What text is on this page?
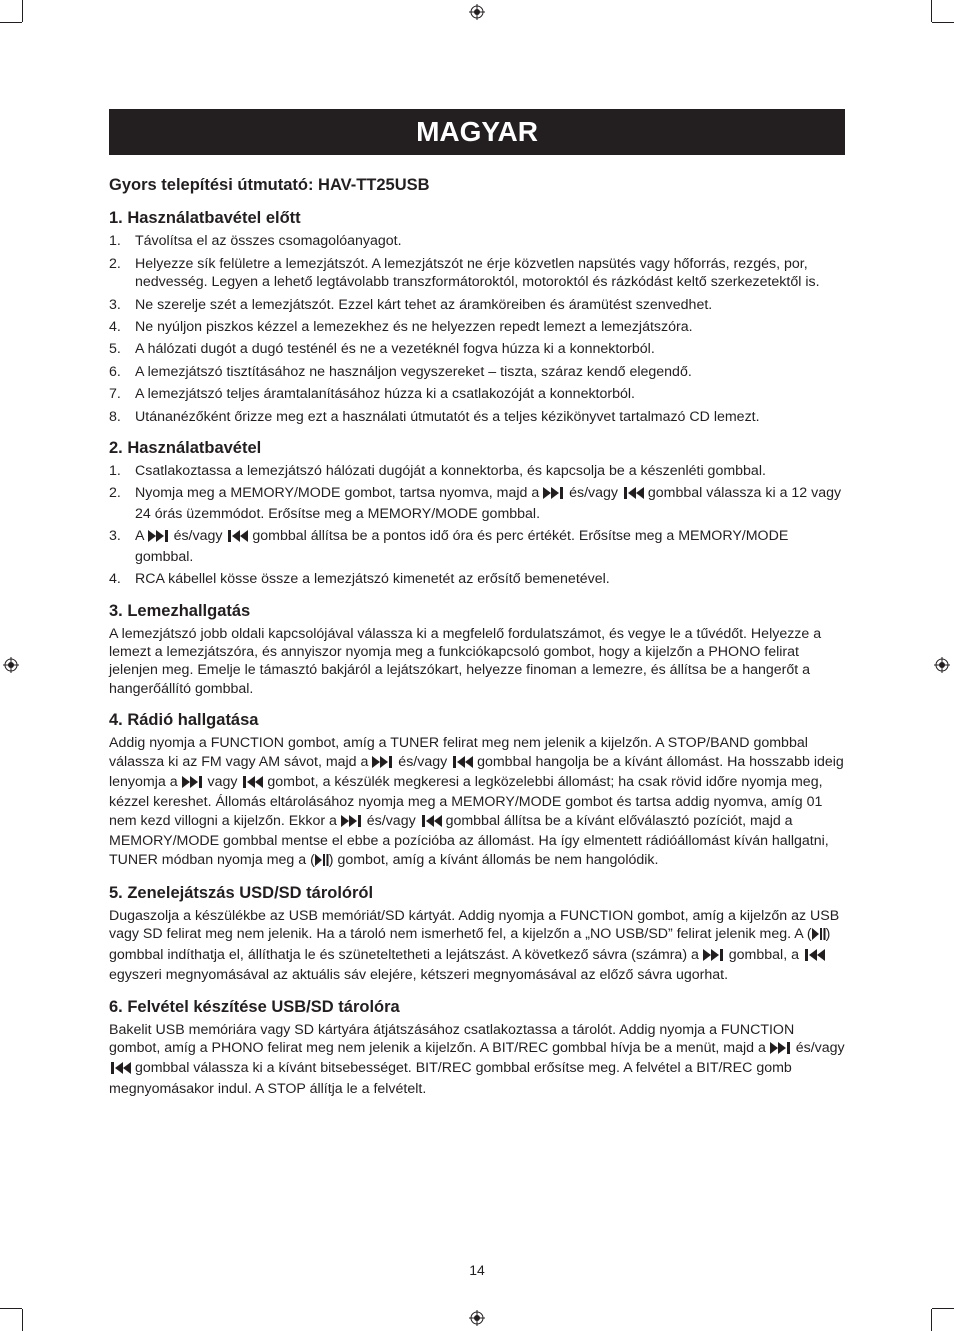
MAGYAR
Gyors telepítési útmutató: HAV-TT25USB
1. Használatbavétel előtt
1. Távolítsa el az összes csomagolóanyagot.
2. Helyezze sík felületre a lemezjátszót. A lemezjátszót ne érje közvetlen napsütés vagy hőforrás, rezgés, por, nedvesség. Legyen a lehető legtávolabb transzformátoroktól, motoroktól és rázkódást keltő szerkezetektől is.
3. Ne szerelje szét a lemezjátszót. Ezzel kárt tehet az áramköreiben és áramütést szenvedhet.
4. Ne nyúljon piszkos kézzel a lemezekhez és ne helyezzen repedt lemezt a lemezjátszóra.
5. A hálózati dugót a dugó testénél és ne a vezetéknél fogva húzza ki a konnektorból.
6. A lemezjátszó tisztításához ne használjon vegyszereket – tiszta, száraz kendő elegendő.
7. A lemezjátszó teljes áramtalanításához húzza ki a csatlakozóját a konnektorból.
8. Utánanézőként őrizze meg ezt a használati útmutatót és a teljes kézikönyvet tartalmazó CD lemezt.
2. Használatbavétel
1. Csatlakoztassa a lemezjátszó hálózati dugóját a konnektorba, és kapcsolja be a készenléti gombbal.
2. Nyomja meg a MEMORY/MODE gombot, tartsa nyomva, majd a  és/vagy  gombbal válassza ki a 12 vagy 24 órás üzemmódot. Erősítse meg a MEMORY/MODE gombbal.
3. A  és/vagy  gombbal állítsa be a pontos idő óra és perc értékét. Erősítse meg a MEMORY/MODE gombbal.
4. RCA kábellel kösse össze a lemezjátszó kimenetét az erősítő bemenetével.
3. Lemezhallgatás

A lemezjátszó jobb oldali kapcsolójával válassza ki a megfelelő fordulatszámot, és vegye le a tűvédőt. Helyezze a lemezt a lemezjátszóra, és annyiszor nyomja meg a funkciókapcsoló gombot, hogy a kijelzőn a PHONO felirat jelenjen meg. Emelje le támasztó bakjáról a lejátszókart, helyezze finoman a lemezre, és állítsa be a hangerőt a hangerőállító gombbal.

4. Rádió hallgatása

Addig nyomja a FUNCTION gombot, amíg a TUNER felirat meg nem jelenik a kijelzőn. A STOP/BAND gombbal válassza ki az FM vagy AM sávot, majd a  és/vagy  gombbal hangolja be a kívánt állomást. Ha hosszabb ideig lenyomja a  vagy  gombot, a készülék megkeresi a legközelebbi állomást; ha csak rövid időre nyomja meg, kézzel kereshet. Állomás eltárolásához nyomja meg a MEMORY/MODE gombot és tartsa addig nyomva, amíg 01 nem kezd villogni a kijelzőn. Ekkor a  és/vagy  gombbal állítsa be a kívánt előválasztó pozíciót, majd a MEMORY/MODE gombbal mentse el ebbe a pozícióba az állomást. Ha így elmentett rádióállomást kíván hallgatni, TUNER módban nyomja meg a ( ) gombot, amíg a kívánt állomás be nem hangolódik.

5. Zenelejátszás USD/SD tárolóról

Dugaszolja a készülékbe az USB memóriát/SD kártyát. Addig nyomja a FUNCTION gombot, amíg a kijelzőn az USB vagy SD felirat meg nem jelenik. Ha a tároló nem ismerhető fel, a kijelzőn a „NO USB/SD” felirat jelenik meg. A ( ) gombbal indíthatja el, állíthatja le és szüneteltetheti a lejátszást. A következő sávra (számra) a  gombbal, a  egyszeri megnyomásával az aktuális sáv elejére, kétszeri megnyomásával az előző sávra ugorhat.

6. Felvétel készítése USB/SD tárolóra

Bakelit USB memóriára vagy SD kártyára átjátszásához csatlakoztassa a tárolót. Addig nyomja a FUNCTION gombot, amíg a PHONO felirat meg nem jelenik a kijelzőn. A BIT/REC gombbal hívja be a menüt, majd a  és/vagy  gombbal válassza ki a kívánt bitsebességet. BIT/REC gombbal erősítse meg. A felvétel a BIT/REC gomb megnyomásakor indul. A STOP állítja le a felvételt.

14
